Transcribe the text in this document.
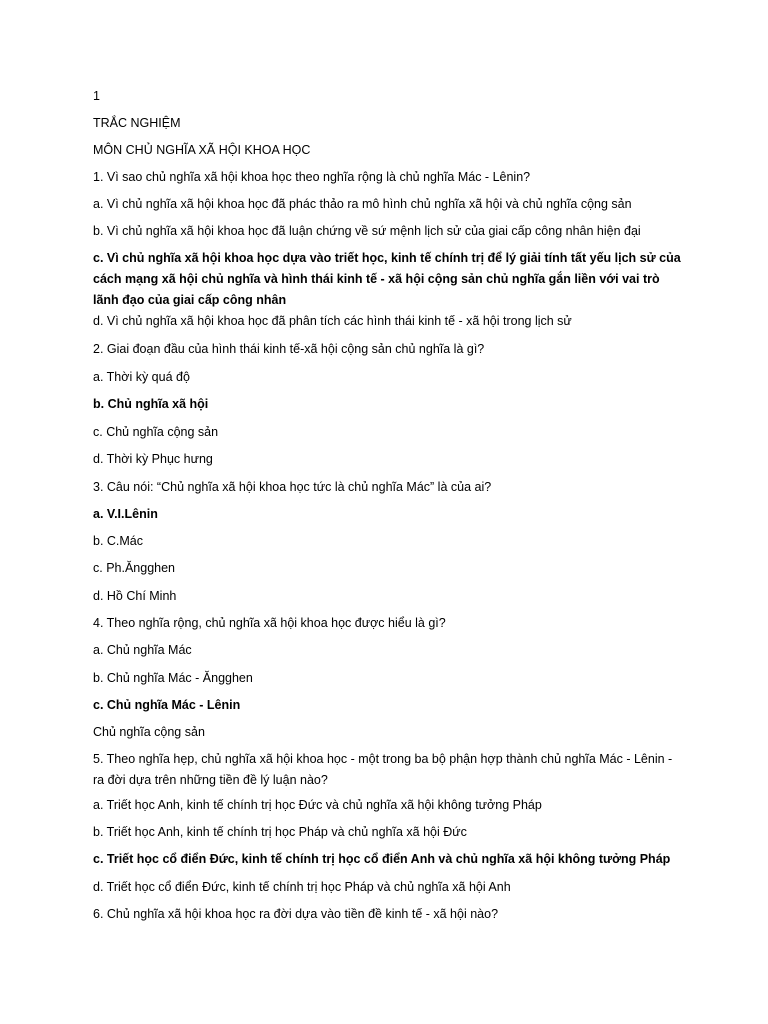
1
TRẮC NGHIỆM
MÔN CHỦ NGHĨA XÃ HỘI KHOA HỌC
1. Vì sao chủ nghĩa xã hội khoa học theo nghĩa rộng là chủ nghĩa Mác - Lênin?
a. Vì chủ nghĩa xã hội khoa học đã phác thảo ra mô hình chủ nghĩa xã hội và chủ nghĩa cộng sản
b. Vì chủ nghĩa xã hội khoa học đã luận chứng về sứ mệnh lịch sử của giai cấp công nhân hiện đại
c. Vì chủ nghĩa xã hội khoa học dựa vào triết học, kinh tế chính trị để lý giải tính tất yếu lịch sử của cách mạng xã hội chủ nghĩa và hình thái kinh tế - xã hội cộng sản chủ nghĩa gắn liền với vai trò lãnh đạo của giai cấp công nhân
d. Vì chủ nghĩa xã hội khoa học đã phân tích các hình thái kinh tế - xã hội trong lịch sử
2. Giai đoạn đầu của hình thái kinh tế-xã hội cộng sản chủ nghĩa là gì?
a. Thời kỳ quá độ
b. Chủ nghĩa xã hội
c. Chủ nghĩa cộng sản
d. Thời kỳ Phục hưng
3. Câu nói: “Chủ nghĩa xã hội khoa học tức là chủ nghĩa Mác” là của ai?
a. V.I.Lênin
b. C.Mác
c. Ph.Ăngghen
d. Hồ Chí Minh
4. Theo nghĩa rộng, chủ nghĩa xã hội khoa học được hiểu là gì?
a. Chủ nghĩa Mác
b. Chủ nghĩa Mác - Ăngghen
c. Chủ nghĩa Mác - Lênin
Chủ nghĩa cộng sản
5. Theo nghĩa hẹp, chủ nghĩa xã hội khoa học - một trong ba bộ phận hợp thành chủ nghĩa Mác - Lênin - ra đời dựa trên những tiền đề lý luận nào?
a. Triết học Anh, kinh tế chính trị học Đức và chủ nghĩa xã hội không tưởng Pháp
b. Triết học Anh, kinh tế chính trị học Pháp và chủ nghĩa xã hội Đức
c. Triết học cổ điển Đức, kinh tế chính trị học cổ điển Anh và chủ nghĩa xã hội không tưởng Pháp
d. Triết học cổ điển Đức, kinh tế chính trị học Pháp và chủ nghĩa xã hội Anh
6. Chủ nghĩa xã hội khoa học ra đời dựa vào tiền đề kinh tế - xã hội nào?
